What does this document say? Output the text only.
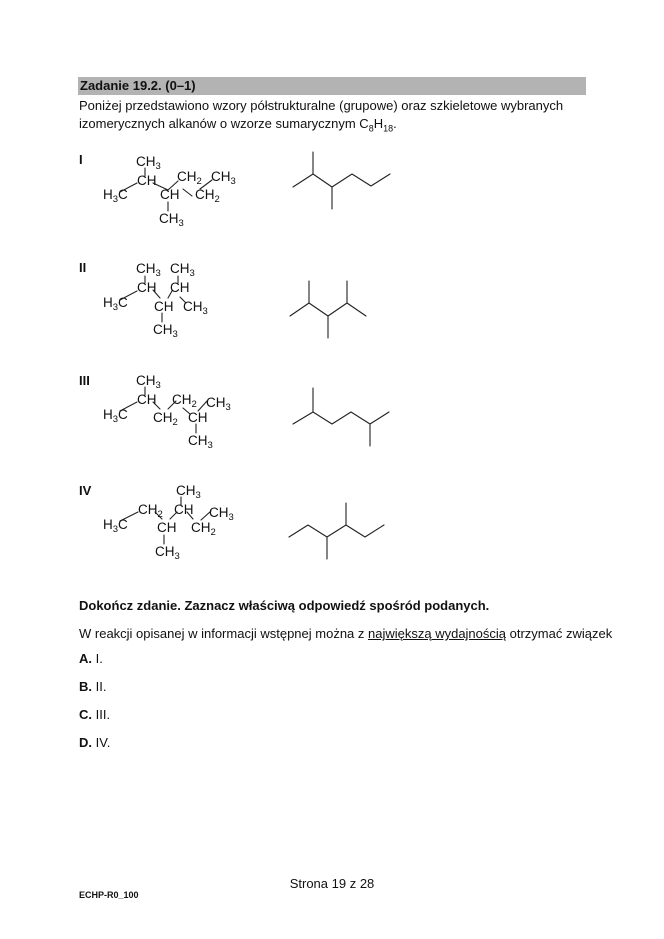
Zadanie 19.2. (0–1)
Poniżej przedstawiono wzory półstrukturalne (grupowe) oraz szkieletowe wybranych
izomerycznych alkanów o wzorze sumarycznym $C_8H_{18}$.
I	$CH_3$
CH $CH_2$ $CH_3$
$H_3C$ CH $CH_2$
$CH_3$
II	$CH_3$ $CH_3$
CH CH
$H_3C$ CH $CH_3$
$CH_3$
III	$CH_3$
CH $CH_2$ $CH_3$
$H_3C$ $CH_2$ CH
$CH_3$
IV	$CH_3$
$CH_2$ CH $CH_3$
$H_3C$ CH $CH_2$
$CH_3$
Dokończ zdanie. Zaznacz właściwą odpowiedź spośród podanych.
W reakcji opisanej w informacji wstępnej można z największą wydajnością otrzymać związek
A. I.
B. II.
C. III.
D. IV.
Strona 19 z 28
ECHP-R0_100
